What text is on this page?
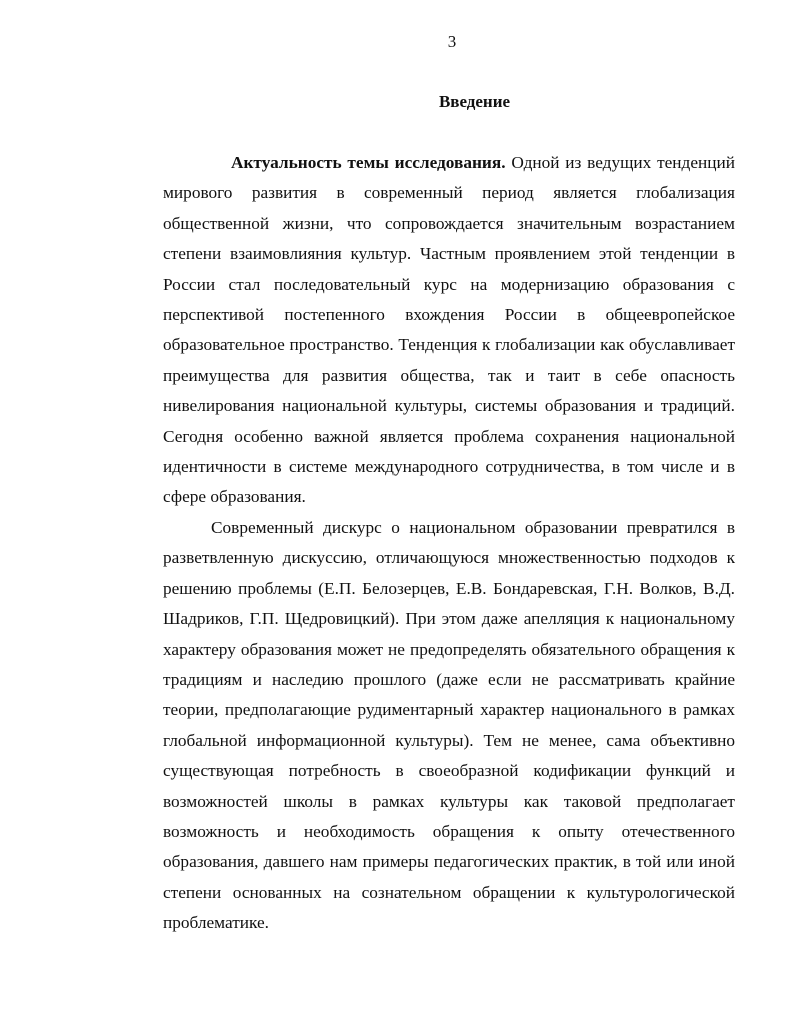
3
Введение

Актуальность темы исследования. Одной из ведущих тенденций мирового развития в современный период является глобализация общественной жизни, что сопровождается значительным возрастанием степени взаимовлияния культур. Частным проявлением этой тенденции в России стал последовательный курс на модернизацию образования с перспективой постепенного вхождения России в общеевропейское образовательное пространство. Тенденция к глобализации как обуславливает преимущества для развития общества, так и таит в себе опасность нивелирования национальной культуры, системы образования и традиций. Сегодня особенно важной является проблема сохранения национальной идентичности в системе международного сотрудничества, в том числе и в сфере образования.

Современный дискурс о национальном образовании превратился в разветвленную дискуссию, отличающуюся множественностью подходов к решению проблемы (Е.П. Белозерцев, Е.В. Бондаревская, Г.Н. Волков, В.Д. Шадриков, Г.П. Щедровицкий). При этом даже апелляция к национальному характеру образования может не предопределять обязательного обращения к традициям и наследию прошлого (даже если не рассматривать крайние теории, предполагающие рудиментарный характер национального в рамках глобальной информационной культуры). Тем не менее, сама объективно существующая потребность в своеобразной кодификации функций и возможностей школы в рамках культуры как таковой предполагает возможность и необходимость обращения к опыту отечественного образования, давшего нам примеры педагогических практик, в той или иной степени основанных на сознательном обращении к культурологической проблематике.
